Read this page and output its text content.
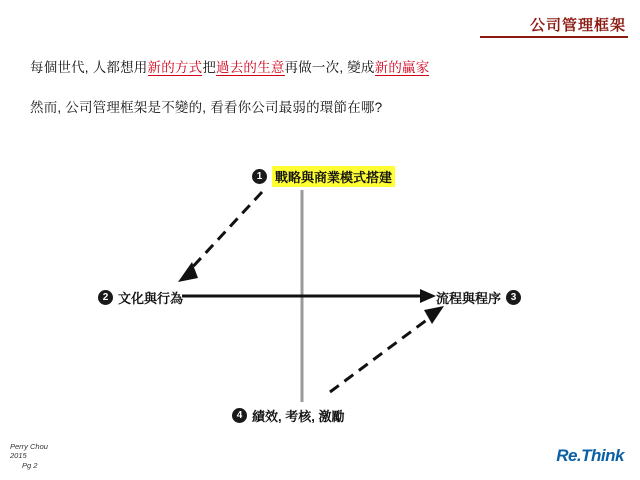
公司管理框架
每個世代, 人都想用新的方式把過去的生意再做一次, 變成新的贏家
然而, 公司管理框架是不變的, 看看你公司最弱的環節在哪?
1 戰略與商業模式搭建
2 文化與行為	3
流程與程序
4 績效, 考核, 激勵
Perry Chou
2015
Pg 2
Re.Think
